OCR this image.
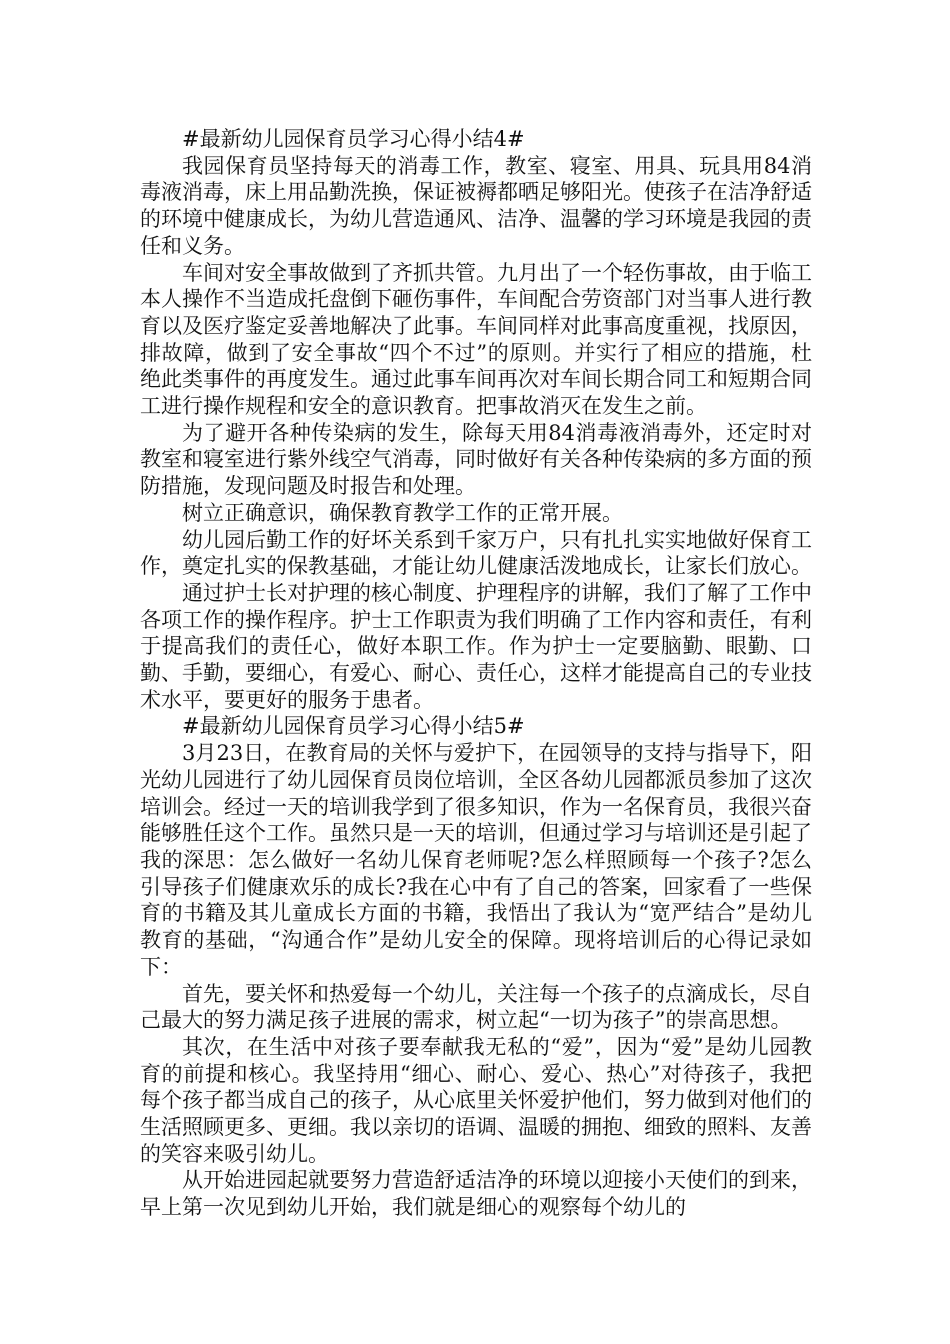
#最新幼儿园保育员学习心得小结4#

我园保育员坚持每天的消毒工作，教室、寝室、用具、玩具用84消毒液消毒，床上用品勤洗换，保证被褥都晒足够阳光。使孩子在洁净舒适的环境中健康成长，为幼儿营造通风、洁净、温馨的学习环境是我园的责任和义务。

车间对安全事故做到了齐抓共管。九月出了一个轻伤事故，由于临工本人操作不当造成托盘倒下砸伤事件，车间配合劳资部门对当事人进行教育以及医疗鉴定妥善地解决了此事。车间同样对此事高度重视，找原因，排故障，做到了安全事故“四个不过”的原则。并实行了相应的措施，杜绝此类事件的再度发生。通过此事车间再次对车间长期合同工和短期合同工进行操作规程和安全的意识教育。把事故消灭在发生之前。

为了避开各种传染病的发生，除每天用84消毒液消毒外，还定时对教室和寝室进行紫外线空气消毒，同时做好有关各种传染病的多方面的预防措施，发现问题及时报告和处理。

树立正确意识，确保教育教学工作的正常开展。

幼儿园后勤工作的好坏关系到千家万户，只有扎扎实实地做好保育工作，奠定扎实的保教基础，才能让幼儿健康活泼地成长，让家长们放心。

通过护士长对护理的核心制度、护理程序的讲解，我们了解了工作中各项工作的操作程序。护士工作职责为我们明确了工作内容和责任，有利于提高我们的责任心，做好本职工作。作为护士一定要脑勤、眼勤、口勤、手勤，要细心，有爱心、耐心、责任心，这样才能提高自己的专业技术水平，要更好的服务于患者。

#最新幼儿园保育员学习心得小结5#

3月23日，在教育局的关怀与爱护下，在园领导的支持与指导下，阳光幼儿园进行了幼儿园保育员岗位培训，全区各幼儿园都派员参加了这次培训会。经过一天的培训我学到了很多知识，作为一名保育员，我很兴奋能够胜任这个工作。虽然只是一天的培训，但通过学习与培训还是引起了我的深思：怎么做好一名幼儿保育老师呢?怎么样照顾每一个孩子?怎么引导孩子们健康欢乐的成长?我在心中有了自己的答案，回家看了一些保育的书籍及其儿童成长方面的书籍，我悟出了我认为“宽严结合”是幼儿教育的基础，“沟通合作”是幼儿安全的保障。现将培训后的心得记录如下：

首先，要关怀和热爱每一个幼儿，关注每一个孩子的点滴成长，尽自己最大的努力满足孩子进展的需求，树立起“一切为孩子”的崇高思想。

其次，在生活中对孩子要奉献我无私的“爱”，因为“爱”是幼儿园教育的前提和核心。我坚持用“细心、耐心、爱心、热心”对待孩子，我把每个孩子都当成自己的孩子，从心底里关怀爱护他们，努力做到对他们的生活照顾更多、更细。我以亲切的语调、温暖的拥抱、细致的照料、友善的笑容来吸引幼儿。

从开始进园起就要努力营造舒适洁净的环境以迎接小天使们的到来，早上第一次见到幼儿开始，我们就是细心的观察每个幼儿的
